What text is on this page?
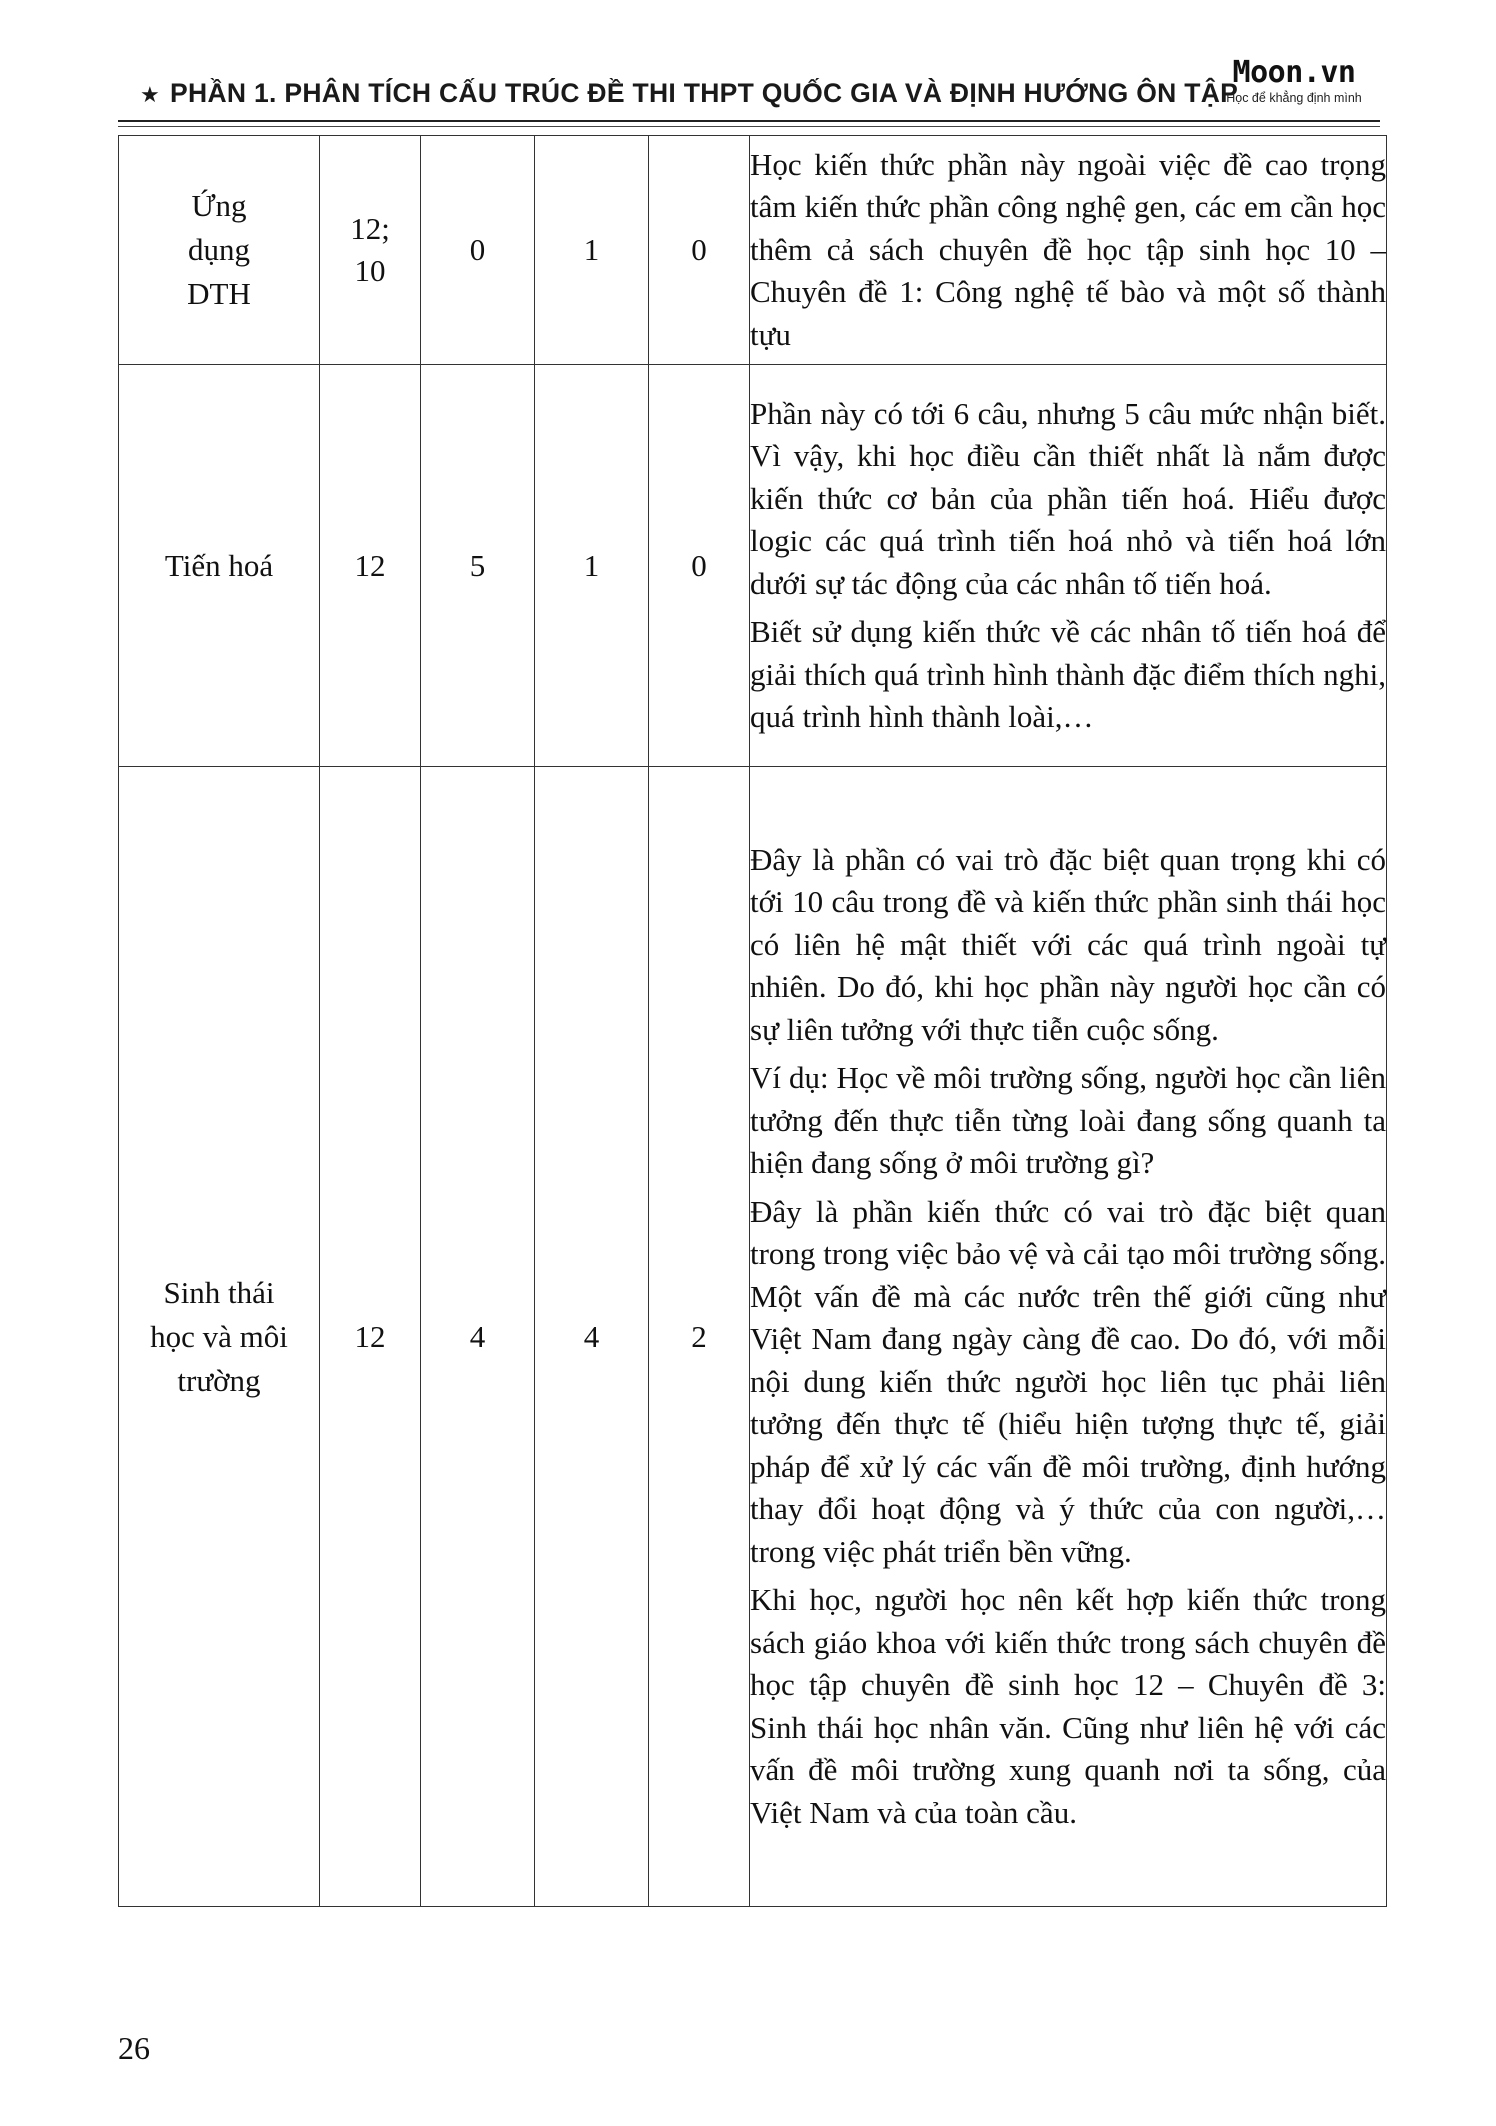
★ PHẦN 1. PHÂN TÍCH CẤU TRÚC ĐỀ THI THPT QUỐC GIA VÀ ĐỊNH HƯỚNG ÔN TẬP
Moon.vn
Học để khẳng định mình
Ứng dụng DTH	12; 10	0	1	0	Học kiến thức phần này ngoài việc đề cao trọng tâm kiến thức phần công nghệ gen, các em cần học thêm cả sách chuyên đề học tập sinh học 10 – Chuyên đề 1: Công nghệ tế bào và một số thành tựu

Tiến hoá	12	5	1	0	Phần này có tới 6 câu, nhưng 5 câu mức nhận biết. Vì vậy, khi học điều cần thiết nhất là nắm được kiến thức cơ bản của phần tiến hoá. Hiểu được logic các quá trình tiến hoá nhỏ và tiến hoá lớn dưới sự tác động của các nhân tố tiến hoá.

Biết sử dụng kiến thức về các nhân tố tiến hoá để giải thích quá trình hình thành đặc điểm thích nghi, quá trình hình thành loài,…

Sinh thái học và môi trường	12	4	4	2	Đây là phần có vai trò đặc biệt quan trọng khi có tới 10 câu trong đề và kiến thức phần sinh thái học có liên hệ mật thiết với các quá trình ngoài tự nhiên. Do đó, khi học phần này người học cần có sự liên tưởng với thực tiễn cuộc sống.

Ví dụ: Học về môi trường sống, người học cần liên tưởng đến thực tiễn từng loài đang sống quanh ta hiện đang sống ở môi trường gì?

Đây là phần kiến thức có vai trò đặc biệt quan trong trong việc bảo vệ và cải tạo môi trường sống. Một vấn đề mà các nước trên thế giới cũng như Việt Nam đang ngày càng đề cao. Do đó, với mỗi nội dung kiến thức người học liên tục phải liên tưởng đến thực tế (hiểu hiện tượng thực tế, giải pháp để xử lý các vấn đề môi trường, định hướng thay đổi hoạt động và ý thức của con người,… trong việc phát triển bền vững.

Khi học, người học nên kết hợp kiến thức trong sách giáo khoa với kiến thức trong sách chuyên đề học tập chuyên đề sinh học 12 – Chuyên đề 3: Sinh thái học nhân văn. Cũng như liên hệ với các vấn đề môi trường xung quanh nơi ta sống, của Việt Nam và của toàn cầu.

26
